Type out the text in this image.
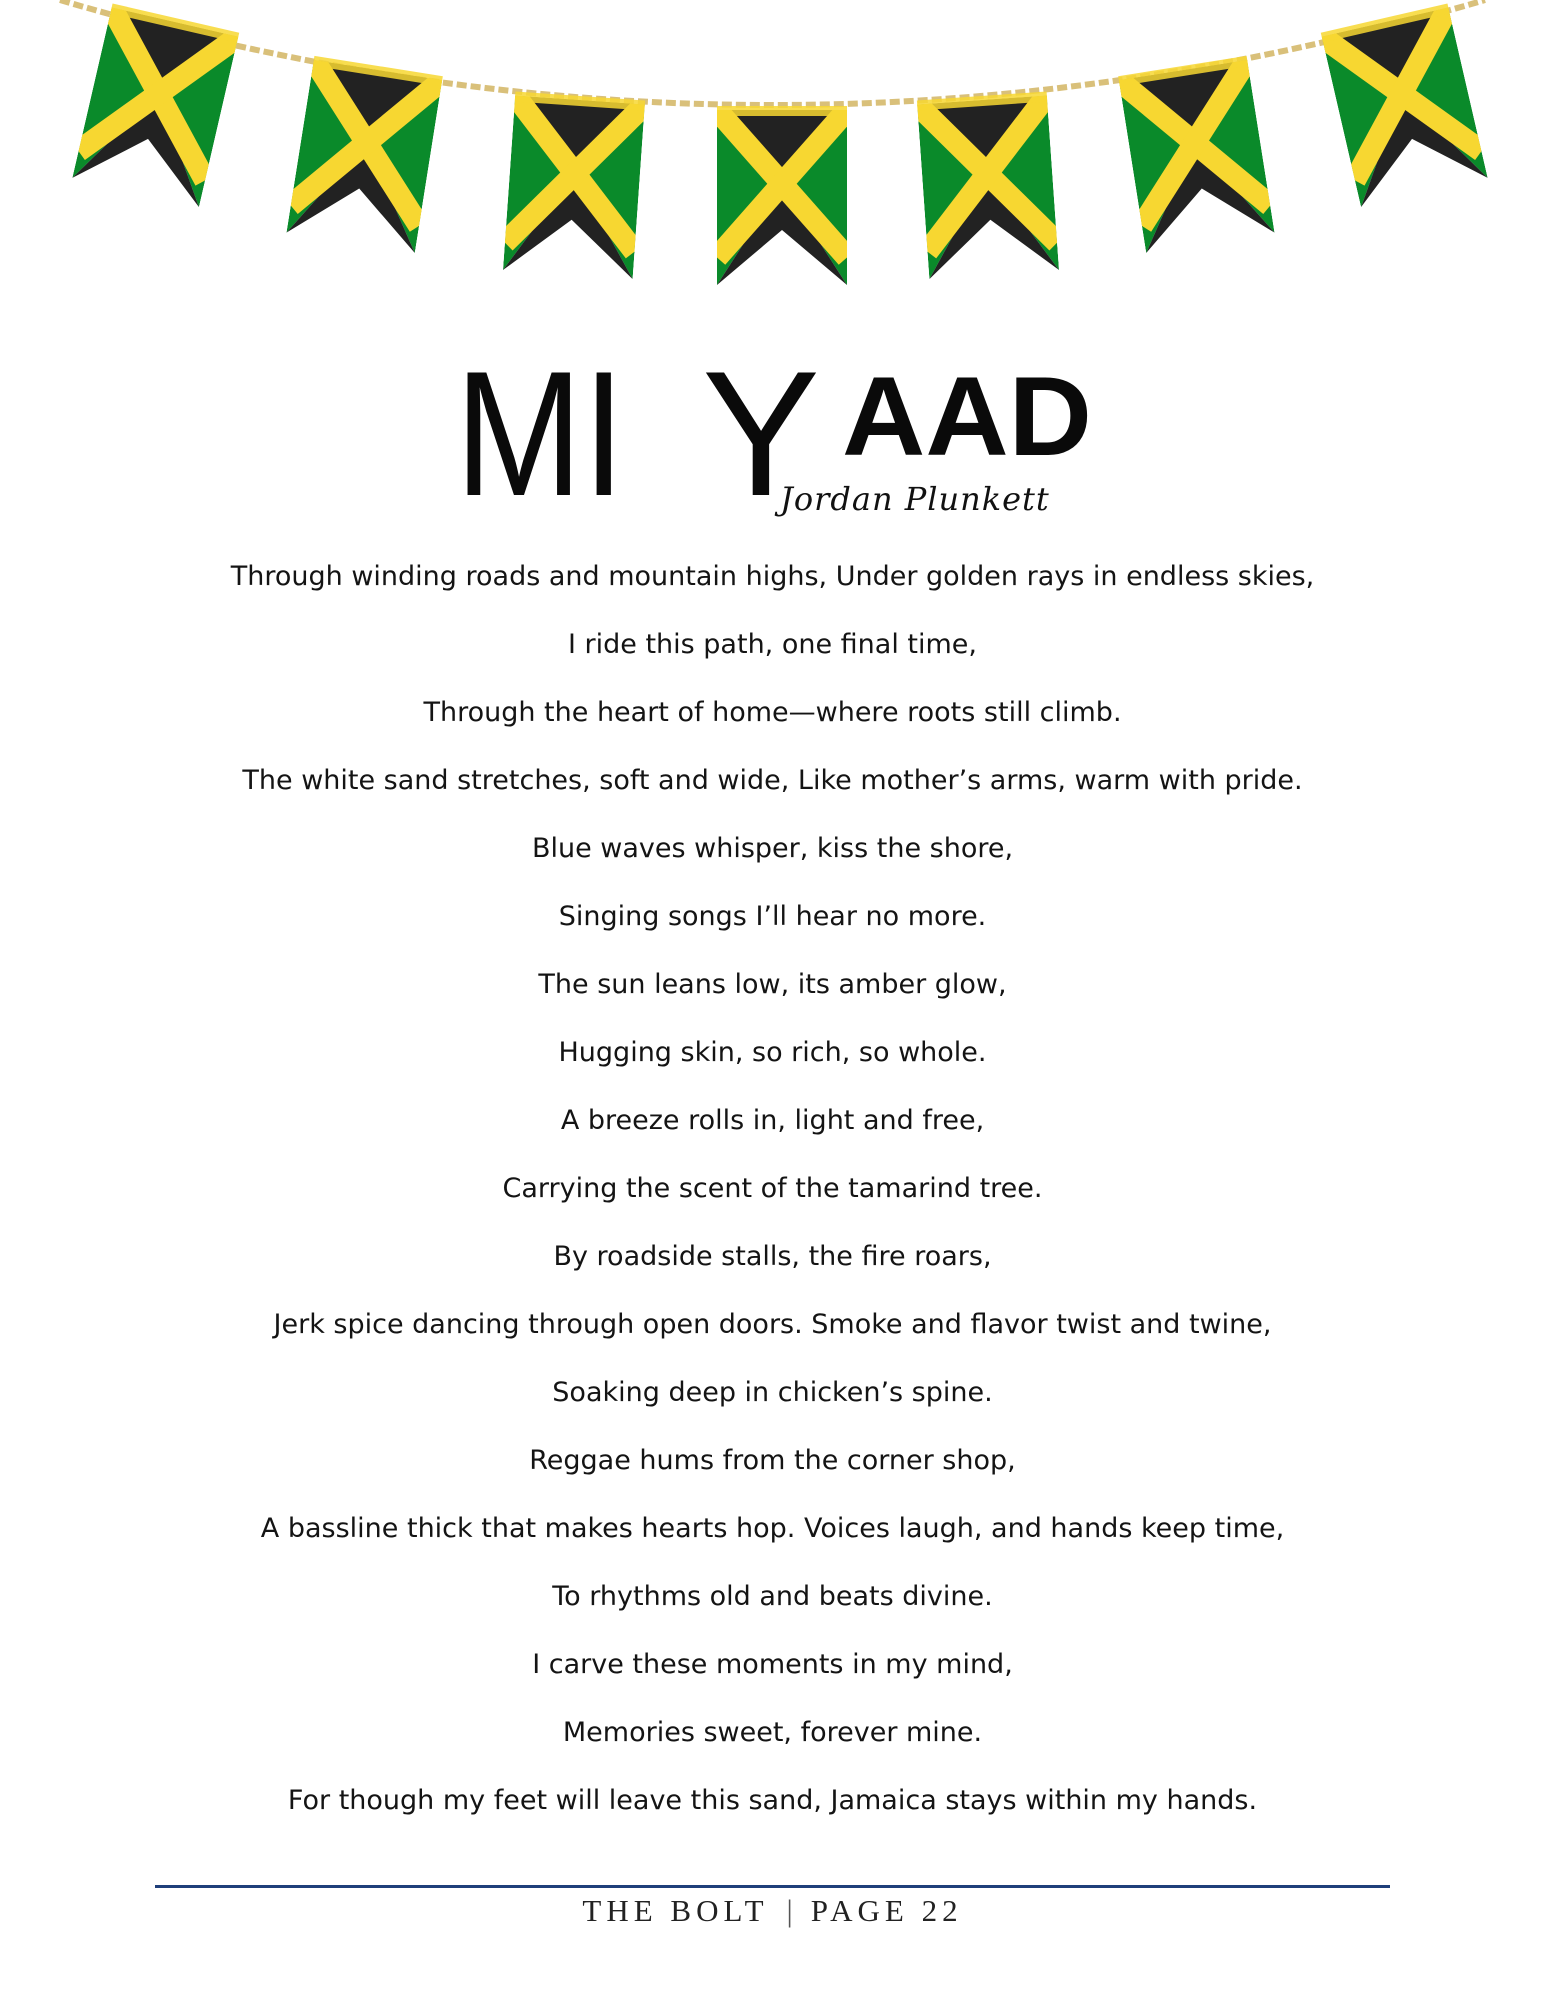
MI Y AAD
Jordan Plunkett
Through winding roads and mountain highs, Under golden rays in endless skies,
I ride this path, one final time,
Through the heart of home—where roots still climb.
The white sand stretches, soft and wide, Like mother’s arms, warm with pride.
Blue waves whisper, kiss the shore,
Singing songs I’ll hear no more.
The sun leans low, its amber glow,
Hugging skin, so rich, so whole.
A breeze rolls in, light and free,
Carrying the scent of the tamarind tree.
By roadside stalls, the fire roars,
Jerk spice dancing through open doors. Smoke and flavor twist and twine,
Soaking deep in chicken’s spine.
Reggae hums from the corner shop,
A bassline thick that makes hearts hop. Voices laugh, and hands keep time,
To rhythms old and beats divine.
I carve these moments in my mind,
Memories sweet, forever mine.
For though my feet will leave this sand, Jamaica stays within my hands.
THE BOLT | PAGE 22
